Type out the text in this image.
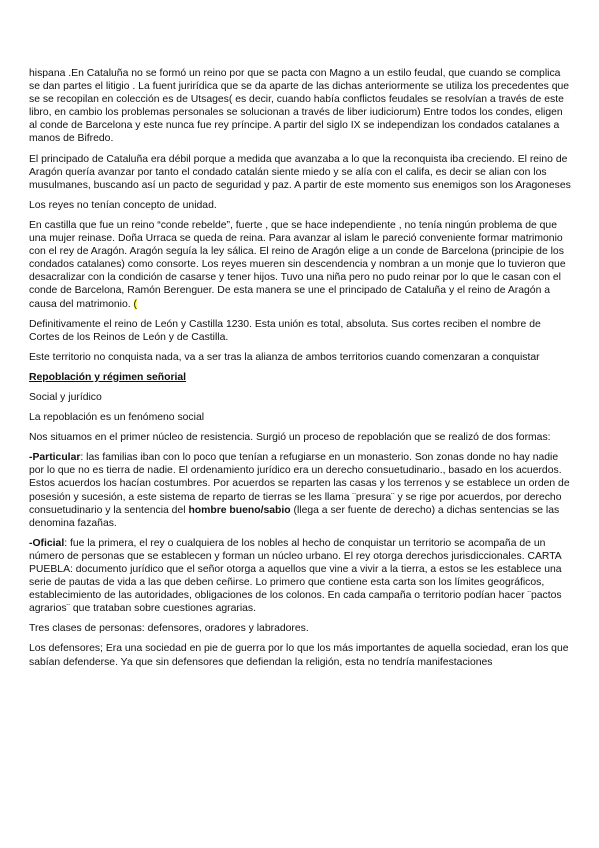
hispana .En Cataluña no se formó un reino por que se pacta con Magno a un estilo feudal, que cuando se complica se dan partes el litigio . La fuent jurirídica que se da aparte de las dichas anteriormente se utiliza los precedentes que se se recopilan en colección es de Utsages( es decir, cuando había conflictos feudales se resolvían a través de este libro, en cambio los problemas personales se solucionan a través de liber iudiciorum) Entre todos los condes, eligen al conde de Barcelona y este nunca fue rey príncipe. A partir del siglo IX se independizan los condados catalanes a manos de Bifredo.

El principado de Cataluña era débil porque a medida que avanzaba a lo que la reconquista iba creciendo. El reino de Aragón quería avanzar por tanto el condado catalán siente miedo y se alía con el califa, es decir se alian con los musulmanes, buscando así un pacto de seguridad y paz. A partir de este momento sus enemigos son los Aragoneses

Los reyes no tenían concepto de unidad.

En castilla que fue un reino “conde rebelde”, fuerte , que se hace independiente , no tenía ningún problema de que una mujer reinase. Doña Urraca se queda de reina. Para avanzar al islam le pareció conveniente formar matrimonio con el rey de Aragón. Aragón seguía la ley sálica. El reino de Aragón elige a un conde de Barcelona (principie de los condados catalanes) como consorte. Los reyes mueren sin descendencia y nombran a un monje que lo tuvieron que desacralizar con la condición de casarse y tener hijos. Tuvo una niña pero no pudo reinar por lo que le casan con el conde de Barcelona, Ramón Berenguer. De esta manera se une el principado de Cataluña y el reino de Aragón a causa del matrimonio. (

Definitivamente el reino de León y Castilla 1230. Esta unión es total, absoluta. Sus cortes reciben el nombre de Cortes de los Reinos de León y de Castilla.

Este territorio no conquista nada, va a ser tras la alianza de ambos territorios cuando comenzaran a conquistar

Repoblación y régimen señorial

Social y jurídico

La repoblación es un fenómeno social

Nos situamos en el primer núcleo de resistencia. Surgió un proceso de repoblación que se realizó de dos formas:

-Particular: las familias iban con lo poco que tenían a refugiarse en un monasterio. Son zonas donde no hay nadie por lo que no es tierra de nadie. El ordenamiento jurídico era un derecho consuetudinario., basado en los acuerdos. Estos acuerdos los hacían costumbres. Por acuerdos se reparten las casas y los terrenos y se establece un orden de posesión y sucesión, a este sistema de reparto de tierras se les llama ¨presura¨ y se rige por acuerdos, por derecho consuetudinario y la sentencia del hombre bueno/sabio (llega a ser fuente de derecho) a dichas sentencias se las denomina fazañas.

-Oficial: fue la primera, el rey o cualquiera de los nobles al hecho de conquistar un territorio se acompaña de un número de personas que se establecen y forman un núcleo urbano. El rey otorga derechos jurisdiccionales. CARTA PUEBLA: documento jurídico que el señor otorga a aquellos que vine a vivir a la tierra, a estos se les establece una serie de pautas de vida a las que deben ceñirse. Lo primero que contiene esta carta son los límites geográficos, establecimiento de las autoridades, obligaciones de los colonos. En cada campaña o territorio podían hacer ¨pactos agrarios¨ que trataban sobre cuestiones agrarias.

Tres clases de personas: defensores, oradores y labradores.

Los defensores; Era una sociedad en pie de guerra por lo que los más importantes de aquella sociedad, eran los que sabían defenderse. Ya que sin defensores que defiendan la religión, esta no tendría manifestaciones
